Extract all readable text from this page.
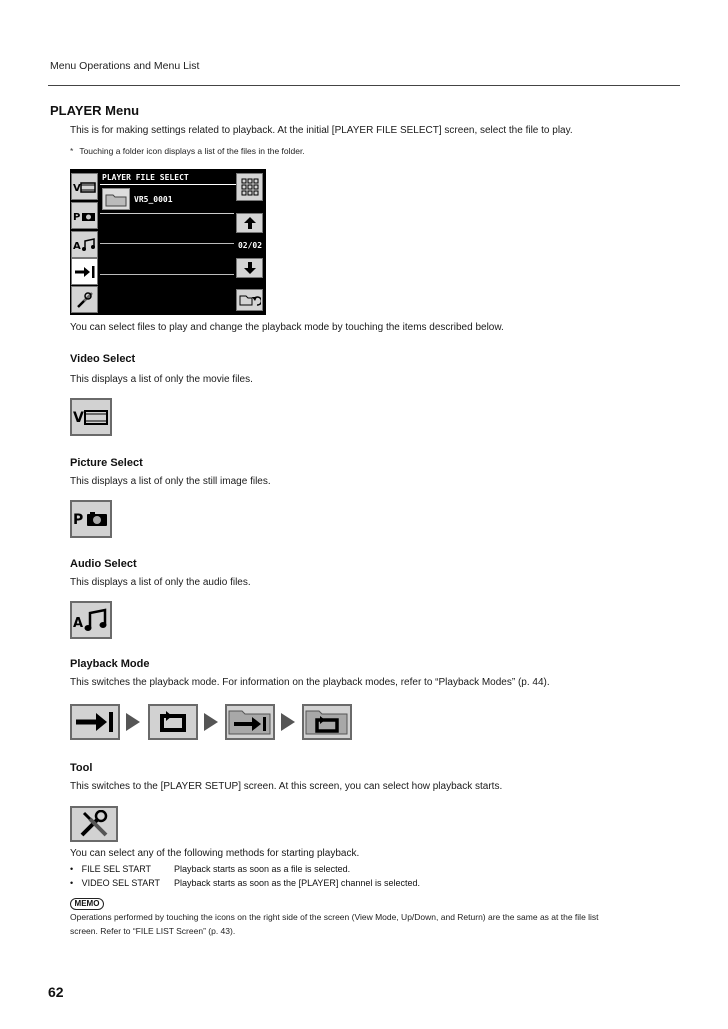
Menu Operations and Menu List
PLAYER Menu
This is for making settings related to playback. At the initial [PLAYER FILE SELECT] screen, select the file to play.
* Touching a folder icon displays a list of the files in the folder.
V
P
A
PLAYER FILE SELECT
VR5_0001
02/02
You can select files to play and change the playback mode by touching the items described below.
Video Select
This displays a list of only the movie files.
V
Picture Select
This displays a list of only the still image files.
P
Audio Select
This displays a list of only the audio files.
A
Playback Mode
This switches the playback mode. For information on the playback modes, refer to “Playback Modes” (p. 44).
Tool
This switches to the [PLAYER SETUP] screen. At this screen, you can select how playback starts.
You can select any of the following methods for starting playback.
• FILE SEL START	Playback starts as soon as a file is selected.
• VIDEO SEL START Playback starts as soon as the [PLAYER] channel is selected.
MEMO
Operations performed by touching the icons on the right side of the screen (View Mode, Up/Down, and Return) are the same as at the file list
screen. Refer to “FILE LIST Screen” (p. 43).
62
